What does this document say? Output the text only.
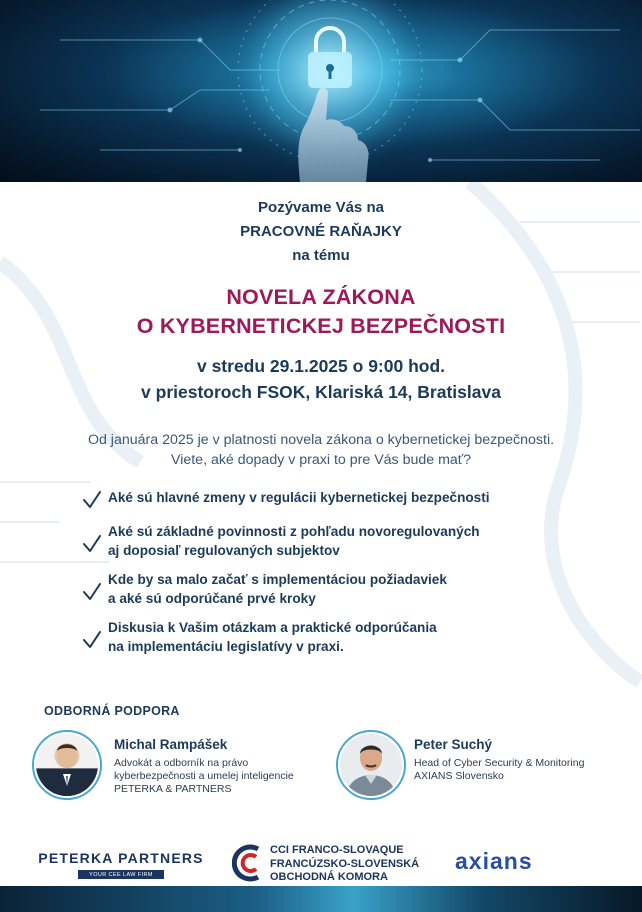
Pozývame Vás na
PRACOVNÉ RAŇAJKY
na tému
NOVELA ZÁKONA
O KYBERNETICKEJ BEZPEČNOSTI
v stredu 29.1.2025 o 9:00 hod.
v priestoroch FSOK, Klariská 14, Bratislava
Od januára 2025 je v platnosti novela zákona o kybernetickej bezpečnosti.
Viete, aké dopady v praxi to pre Vás bude mať?
Aké sú hlavné zmeny v regulácii kybernetickej bezpečnosti
Aké sú základné povinnosti z pohľadu novoregulovaných
aj doposiaľ regulovaných subjektov
Kde by sa malo začať s implementáciou požiadaviek
a aké sú odporúčané prvé kroky
Diskusia k Vašim otázkam a praktické odporúčania
na implementáciu legislatívy v praxi.
ODBORNÁ PODPORA
Michal Rampášek
Advokát a odborník na právo
kyberbezpečnosti a umelej inteligencie
PETERKA & PARTNERS
Peter Suchý
Head of Cyber Security & Monitoring
AXIANS Slovensko
PETERKA PARTNERS
YOUR CEE LAW FIRM
CCI FRANCO-SLOVAQUE
FRANCÚZSKO-SLOVENSKÁ
OBCHODNÁ KOMORA
axians
